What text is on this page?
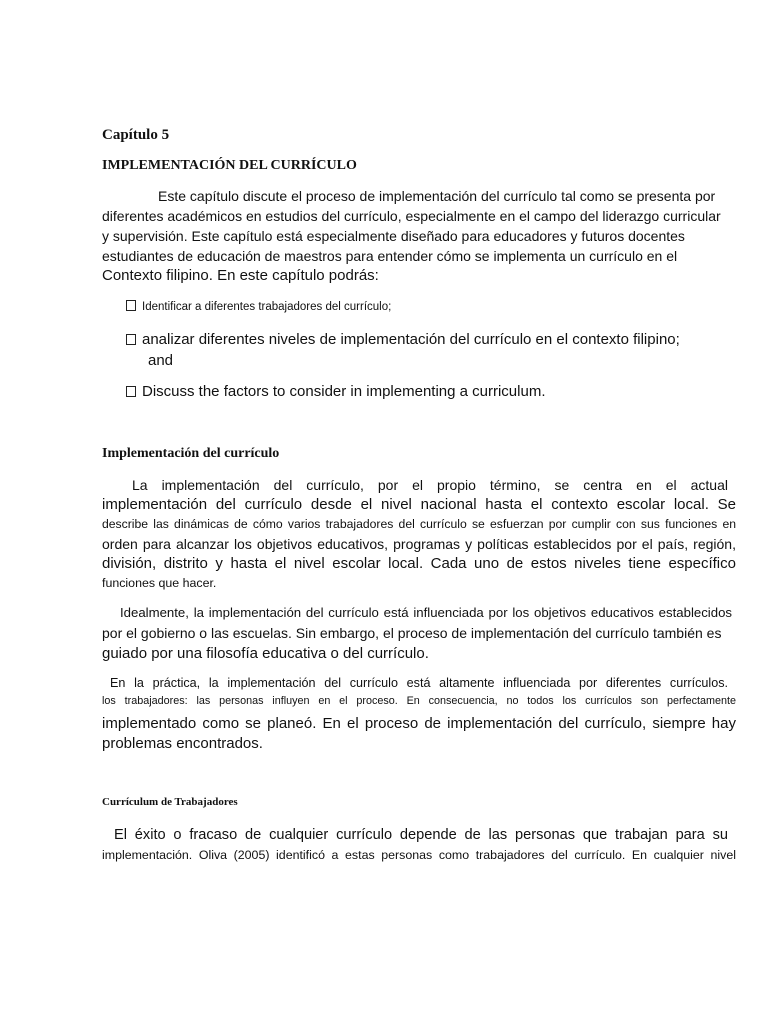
Capítulo 5
IMPLEMENTACIÓN DEL CURRÍCULO
Este capítulo discute el proceso de implementación del currículo tal como se presenta por
diferentes académicos en estudios del currículo, especialmente en el campo del liderazgo curricular
y supervisión. Este capítulo está especialmente diseñado para educadores y futuros docentes
estudiantes de educación de maestros para entender cómo se implementa un currículo en el
Contexto filipino. En este capítulo podrás:
Identificar a diferentes trabajadores del currículo;
analizar diferentes niveles de implementación del currículo en el contexto filipino;
and
Discuss the factors to consider in implementing a curriculum.
Implementación del currículo
La implementación del currículo, por el propio término, se centra en el actual
implementación del currículo desde el nivel nacional hasta el contexto escolar local. Se
describe las dinámicas de cómo varios trabajadores del currículo se esfuerzan por cumplir con sus funciones en
orden para alcanzar los objetivos educativos, programas y políticas establecidos por el país, región,
división, distrito y hasta el nivel escolar local. Cada uno de estos niveles tiene específico
funciones que hacer.
Idealmente, la implementación del currículo está influenciada por los objetivos educativos establecidos
por el gobierno o las escuelas. Sin embargo, el proceso de implementación del currículo también es
guiado por una filosofía educativa o del currículo.
En la práctica, la implementación del currículo está altamente influenciada por diferentes currículos.
los trabajadores: las personas influyen en el proceso. En consecuencia, no todos los currículos son perfectamente
implementado como se planeó. En el proceso de implementación del currículo, siempre hay
problemas encontrados.
Currículum de Trabajadores
El éxito o fracaso de cualquier currículo depende de las personas que trabajan para su
implementación. Oliva (2005) identificó a estas personas como trabajadores del currículo. En cualquier nivel
